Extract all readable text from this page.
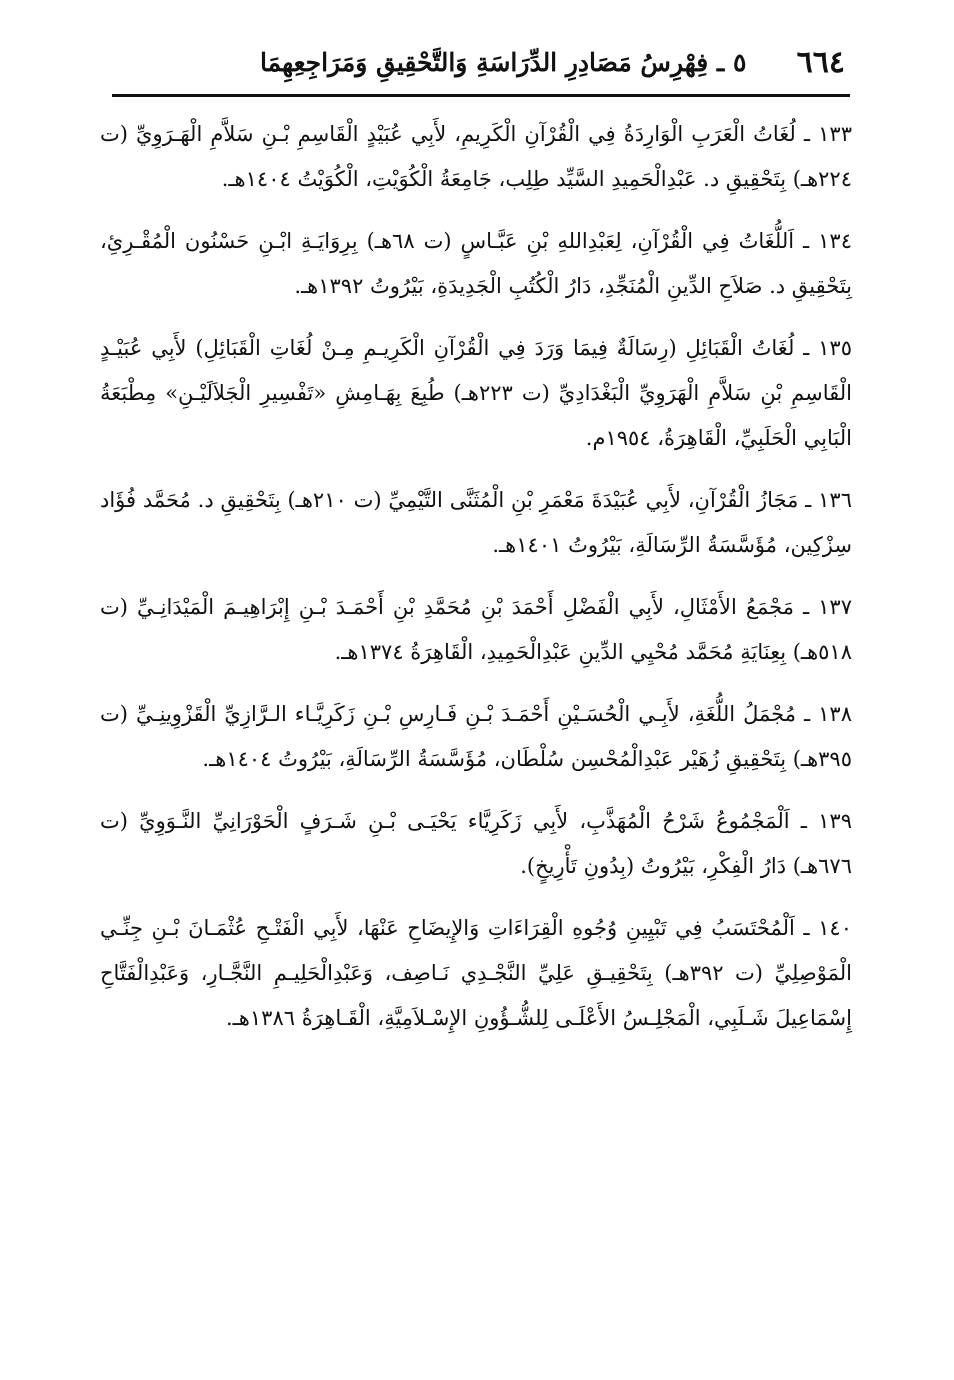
٦٦٤
٥ ـ فِهْرِسُ مَصَادِرِ الدِّرَاسَةِ وَالتَّحْقِيقِ وَمَرَاجِعِهِمَا

١٣٣ ـ لُغَاتُ الْعَرَبِ الْوَارِدَةُ فِي الْقُرْآنِ الْكَرِيمِ، لأَبِي عُبَيْدٍ الْقَاسِمِ بْـنِ سَلاَّمِ الْهَـرَوِيِّ (ت ٢٢٤هـ) بِتَحْقِيقِ د. عَبْدِالْحَمِيدِ السَّيِّد طِلِب، جَامِعَةُ الْكُوَيْتِ، الْكُوَيْتُ ١٤٠٤هـ.

١٣٤ ـ اَللُّغَاتُ فِي الْقُرْآنِ، لِعَبْدِاللهِ بْنِ عَبَّـاسٍ (ت ٦٨هـ) بِرِوَايَـةِ ابْـنِ حَسْنُون الْمُقْـرِئِ، بِتَحْقِيقِ د. صَلاَحِ الدِّينِ الْمُنَجِّدِ، دَارُ الْكُتُبِ الْجَدِيدَةِ، بَيْرُوتُ ١٣٩٢هـ.

١٣٥ ـ لُغَاتُ الْقَبَائِلِ (رِسَالَةٌ فِيمَا وَرَدَ فِي الْقُرْآنِ الْكَرِيـمِ مِـنْ لُغَاتِ الْقَبَائِلِ) لأَبِي عُبَيْـدٍ الْقَاسِمِ بْنِ سَلاَّمِ الْهَرَوِيِّ الْبَغْدَادِيِّ (ت ٢٢٣هـ) طُبِعَ بِهَـامِشِ «تَفْسِيرِ الْجَلاَلَيْـنِ» مِطْبَعَةُ الْبَابِي الْحَلَبِيِّ، الْقَاهِرَةُ، ١٩٥٤م.

١٣٦ ـ مَجَازُ الْقُرْآنِ، لأَبِي عُبَيْدَةَ مَعْمَرِ بْنِ الْمُثَنَّى التَّيْمِيِّ (ت ٢١٠هـ) بِتَحْقِيقِ د. مُحَمَّد فُؤَاد سِزْكِين، مُؤَسَّسَةُ الرِّسَالَةِ، بَيْرُوتُ ١٤٠١هـ.

١٣٧ ـ مَجْمَعُ الأَمْثَالِ، لأَبِي الْفَضْلِ أَحْمَدَ بْنِ مُحَمَّدِ بْنِ أَحْمَـدَ بْـنِ إِبْرَاهِيـمَ الْمَيْدَانِـيِّ (ت ٥١٨هـ) بِعِنَايَةِ مُحَمَّد مُحْيِي الدِّينِ عَبْدِالْحَمِيدِ، الْقَاهِرَةُ ١٣٧٤هـ.

١٣٨ ـ مُجْمَلُ اللُّغَةِ، لأَبِـي الْحُسَـيْنِ أَحْمَـدَ بْـنِ فَـارِسِ بْـنِ زَكَرِيَّـاء الـرَّازِيِّ الْقَزْوِينِـيِّ (ت ٣٩٥هـ) بِتَحْقِيقِ زُهَيْر عَبْدِالْمُحْسِن سُلْطَان، مُؤَسَّسَةُ الرِّسَالَةِ، بَيْرُوتُ ١٤٠٤هـ.

١٣٩ ـ اَلْمَجْمُوعُ شَرْحُ الْمُهَذَّبِ، لأَبِي زَكَرِيَّاء يَحْيَـى بْـنِ شَـرَفٍ الْحَوْرَانِيِّ النَّـوَوِيِّ (ت ٦٧٦هـ) دَارُ الْفِكْرِ، بَيْرُوتُ (بِدُونِ تَأْرِيخٍ).

١٤٠ ـ اَلْمُحْتَسَبُ فِي تَبْيِينِ وُجُوهِ الْقِرَاءَاتِ وَالإِيضَاحِ عَنْهَا، لأَبِي الْفَتْـحِ عُثْمَـانَ بْـنِ جِنِّـي الْمَوْصِلِيِّ (ت ٣٩٢هـ) بِتَحْقِيـقِ عَلِيِّ النَّجْـدِي نَـاصِف، وَعَبْدِالْحَلِيـمِ النَّجَّـارِ، وَعَبْدِالْفَتَّاحِ إِسْمَاعِيلَ شَـلَبِي، الْمَجْلِـسُ الأَعْلَـى لِلشُّـؤُونِ الإِسْـلاَمِيَّةِ، الْقَـاهِرَةُ ١٣٨٦هـ.
